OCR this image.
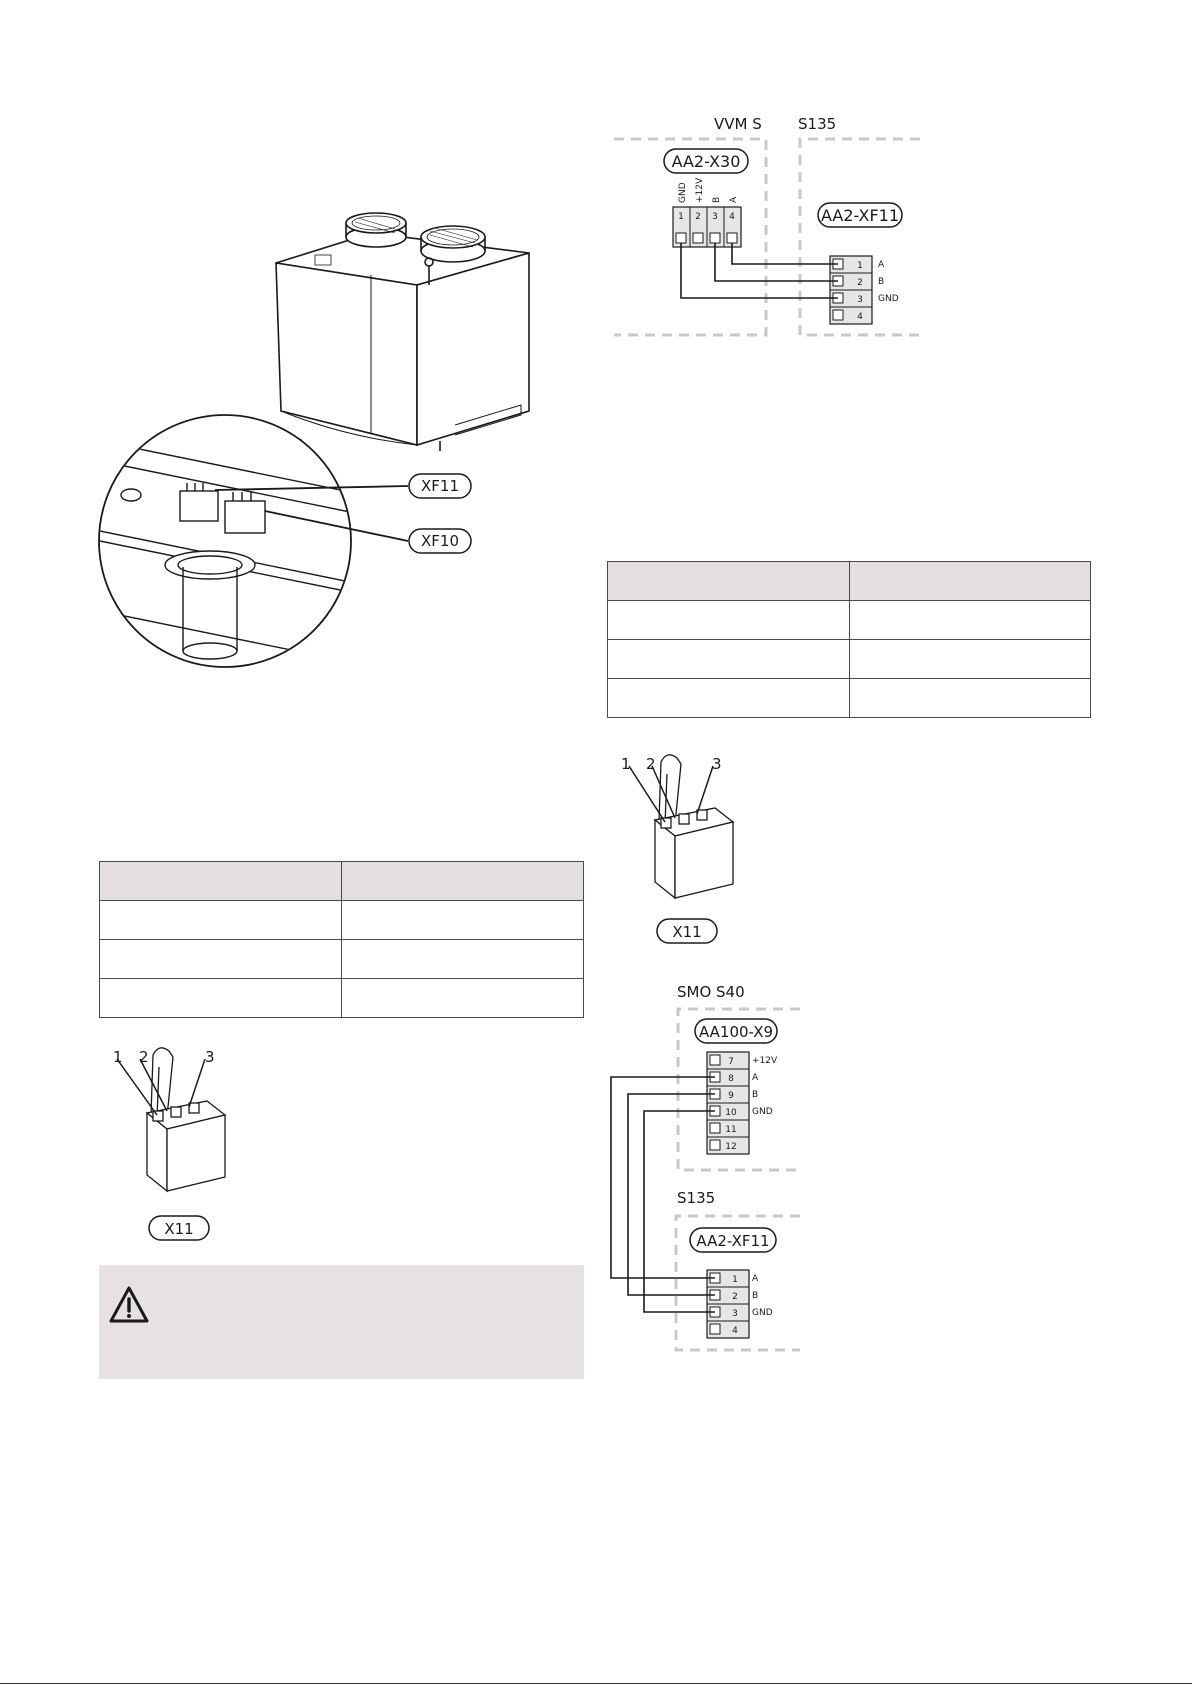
XF11
XF10
VVM S S135
AA2-X30
AA2-XF11
GND +12V B A
1 2 3 4
1
2
3
4
A
B
GND

1 2	3
X11
1 2	3
X11
SMO S40
S135
AA100-X9
AA2-XF11
7
8
9
10
11
12
+12V
A
B
GND
1
2
3
4
A
B
GND
